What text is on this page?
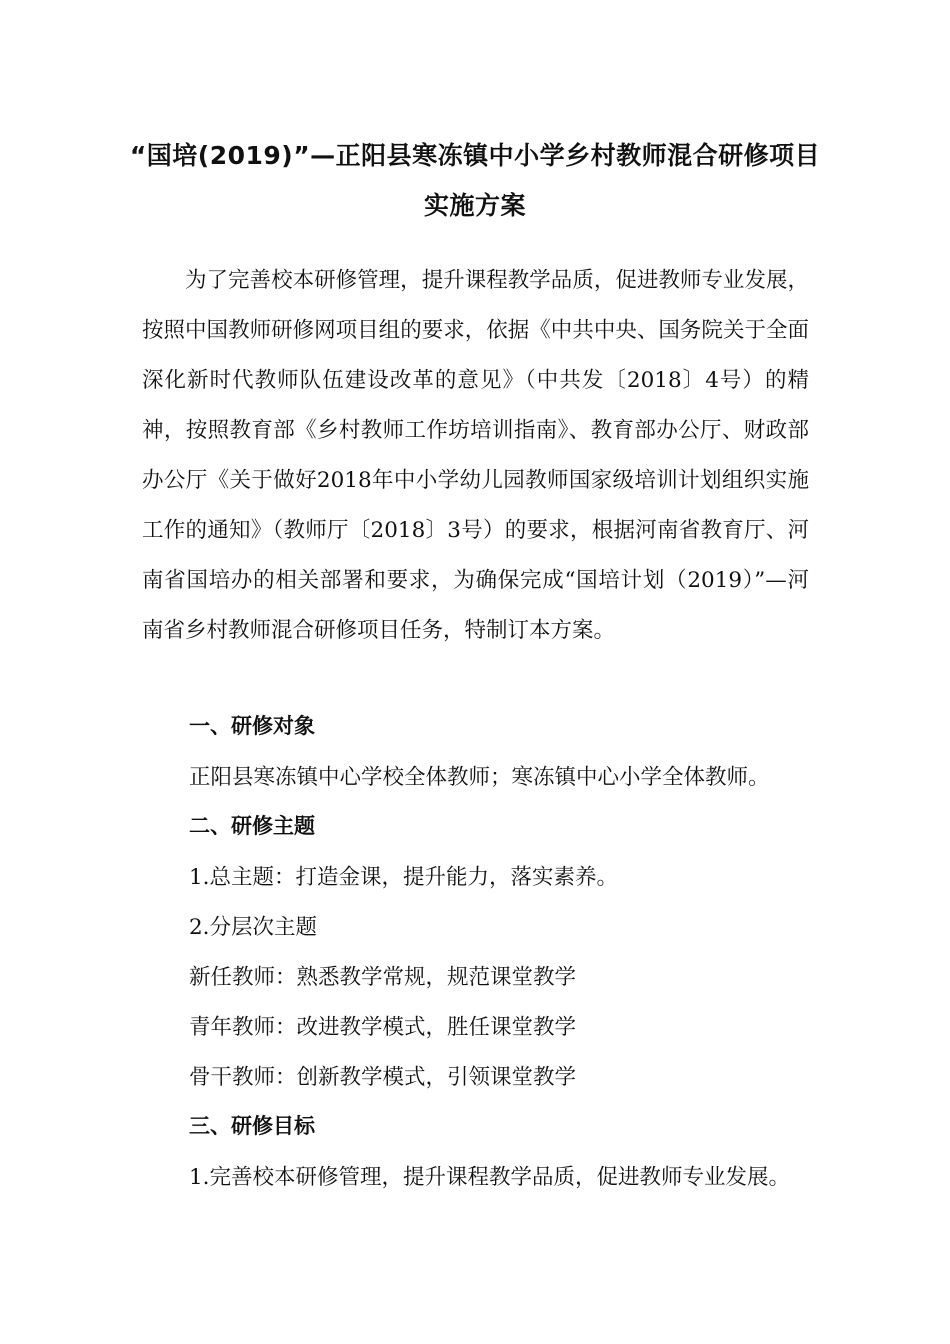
“国培(2019)”—正阳县寒冻镇中小学乡村教师混合研修项目
实施方案

为了完善校本研修管理，提升课程教学品质，促进教师专业发展，按照中国教师研修网项目组的要求，依据《中共中央、国务院关于全面深化新时代教师队伍建设改革的意见》（中共发〔2018〕4号）的精神，按照教育部《乡村教师工作坊培训指南》、教育部办公厅、财政部办公厅《关于做好2018年中小学幼儿园教师国家级培训计划组织实施工作的通知》（教师厅〔2018〕3号）的要求，根据河南省教育厅、河南省国培办的相关部署和要求，为确保完成“国培计划（2019）”—河南省乡村教师混合研修项目任务，特制订本方案。

一、研修对象
正阳县寒冻镇中心学校全体教师；寒冻镇中心小学全体教师。
二、研修主题
1.总主题：打造金课，提升能力，落实素养。
2.分层次主题
新任教师：熟悉教学常规，规范课堂教学
青年教师：改进教学模式，胜任课堂教学
骨干教师：创新教学模式，引领课堂教学
三、研修目标
1.完善校本研修管理，提升课程教学品质，促进教师专业发展。
